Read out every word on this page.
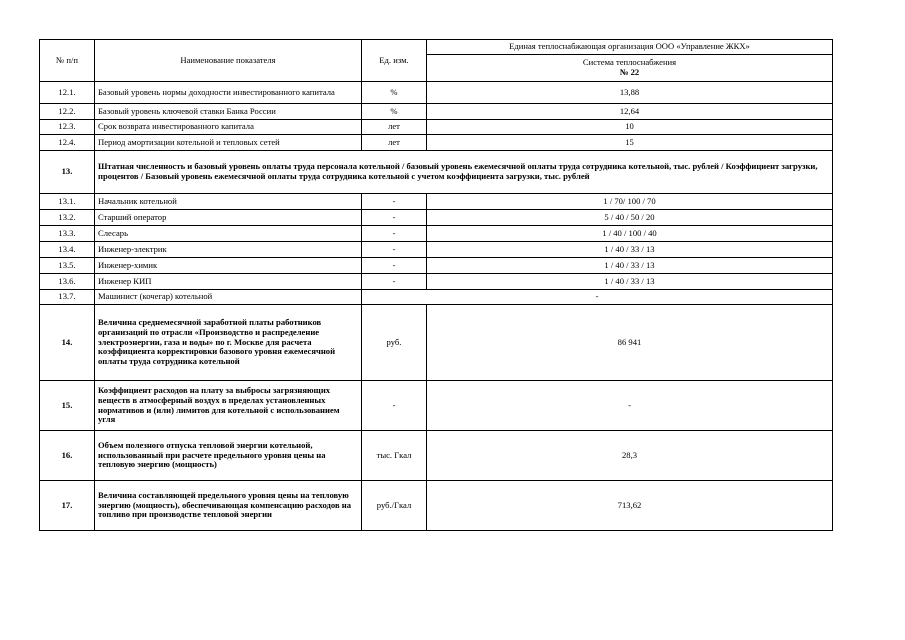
№ п/п	Наименование показателя	Ед. изм.	Единая теплоснабжающая организация ООО «Управление ЖКХ»

			Система теплоснабжения
№ 22

12.1.	Базовый уровень нормы доходности инвестированного капитала	%	13,88
12.2.	Базовый уровень ключевой ставки Банка России	%	12,64
12.3.	Срок возврата инвестированного капитала	лет	10
12.4.	Период амортизации котельной и тепловых сетей	лет	15
13.	Штатная численность и базовый уровень оплаты труда персонала котельной / базовый уровень ежемесячной оплаты труда сотрудника котельной, тыс. рублей / Коэффициент загрузки, процентов / Базовый уровень ежемесячной оплаты труда сотрудника котельной с учетом коэффициента загрузки, тыс. рублей		
13.1.	Начальник котельной	-	1 / 70/ 100 / 70
13.2.	Старший оператор	-	5 / 40 / 50 / 20
13.3.	Слесарь	-	1 / 40 / 100 / 40
13.4.	Инженер-электрик	-	1 / 40 / 33 / 13
13.5.	Инженер-химик	-	1 / 40 / 33 / 13
13.6.	Инженер КИП	-	1 / 40 / 33 / 13
13.7.	Машинист (кочегар) котельной	-	
14.	Величина среднемесячной заработной платы работников организаций по отрасли «Производство и распределение электроэнергии, газа и воды» по г. Москве для расчета коэффициента корректировки базового уровня ежемесячной оплаты труда сотрудника котельной	руб.	86 941
15.	Коэффициент расходов на плату за выбросы загрязняющих веществ в атмосферный воздух в пределах установленных нормативов и (или) лимитов для котельной с использованием угля	-	-
16.	Объем полезного отпуска тепловой энергии котельной, использованный при расчете предельного уровня цены на тепловую энергию (мощность)	тыс. Гкал	28,3
17.	Величина составляющей предельного уровня цены на тепловую энергию (мощность), обеспечивающая компенсацию расходов на топливо при производстве тепловой энергии	руб./Гкал	713,62
